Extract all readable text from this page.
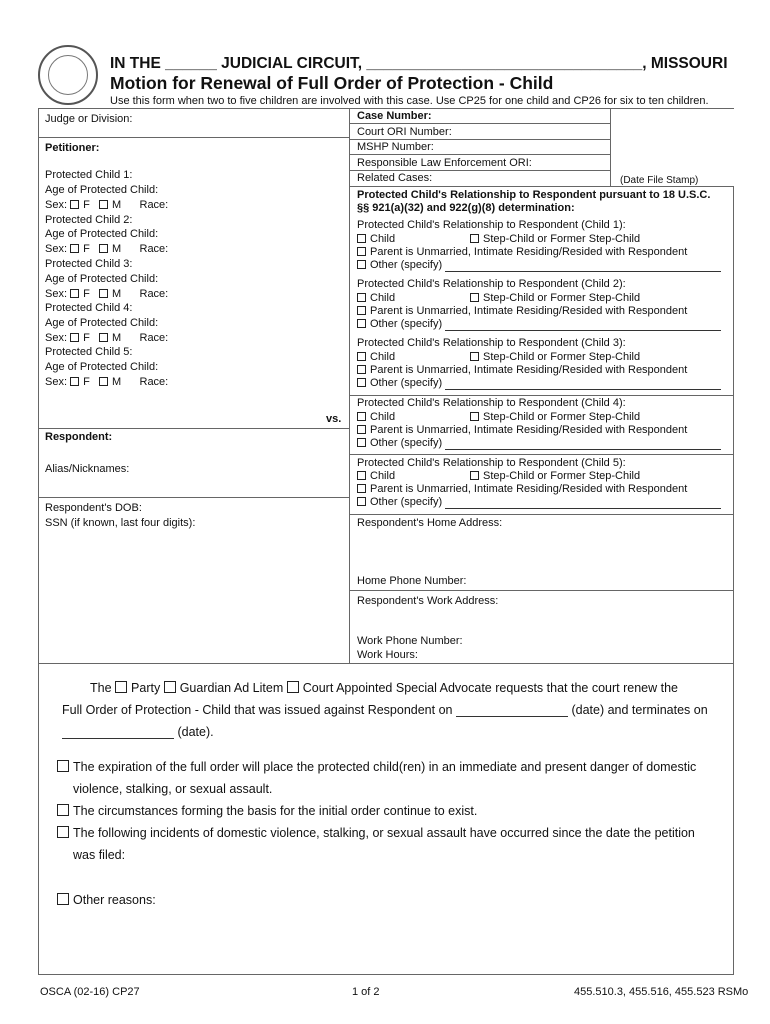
IN THE ______ JUDICIAL CIRCUIT, ________________________________, MISSOURI
Motion for Renewal of Full Order of Protection - Child
Use this form when two to five children are involved with this case. Use CP25 for one child and CP26 for six to ten children.
Judge or Division:
Petitioner:
Protected Child 1:
Age of Protected Child:
Sex: F M Race:
Protected Child 2:
Age of Protected Child:
Sex: F M Race:
Protected Child 3:
Age of Protected Child:
Sex: F M Race:
Protected Child 4:
Age of Protected Child:
Sex: F M Race:
Protected Child 5:
Age of Protected Child:
Sex: F M Race:
vs.
Respondent:
Alias/Nicknames:
Respondent's DOB:
SSN (if known, last four digits):
Case Number:
Court ORI Number:
MSHP Number:
Responsible Law Enforcement ORI:
Related Cases:	(Date File Stamp)
Protected Child's Relationship to Respondent pursuant to 18 U.S.C.
§§ 921(a)(32) and 922(g)(8) determination:
Protected Child's Relationship to Respondent (Child 1):
Child	Step-Child or Former Step-Child
Parent is Unmarried, Intimate Residing/Resided with Respondent
Other (specify)
Protected Child's Relationship to Respondent (Child 2):
Child	Step-Child or Former Step-Child
Parent is Unmarried, Intimate Residing/Resided with Respondent
Other (specify)
Protected Child's Relationship to Respondent (Child 3):
Child	Step-Child or Former Step-Child
Parent is Unmarried, Intimate Residing/Resided with Respondent
Other (specify)
Protected Child's Relationship to Respondent (Child 4):
Child	Step-Child or Former Step-Child
Parent is Unmarried, Intimate Residing/Resided with Respondent
Other (specify)
Protected Child's Relationship to Respondent (Child 5):
Child	Step-Child or Former Step-Child
Parent is Unmarried, Intimate Residing/Resided with Respondent
Other (specify)
Respondent's Home Address:
Home Phone Number:
Respondent's Work Address:
Work Phone Number:
Work Hours:
The Party Guardian Ad Litem Court Appointed Special Advocate requests that the court renew the
Full Order of Protection - Child that was issued against Respondent on	(date) and terminates on
(date).
The expiration of the full order will place the protected child(ren) in an immediate and present danger of domestic
violence, stalking, or sexual assault.
The circumstances forming the basis for the initial order continue to exist.
The following incidents of domestic violence, stalking, or sexual assault have occurred since the date the petition
was filed:
Other reasons:
OSCA (02-16) CP27	1 of 2	455.510.3, 455.516, 455.523 RSMo
